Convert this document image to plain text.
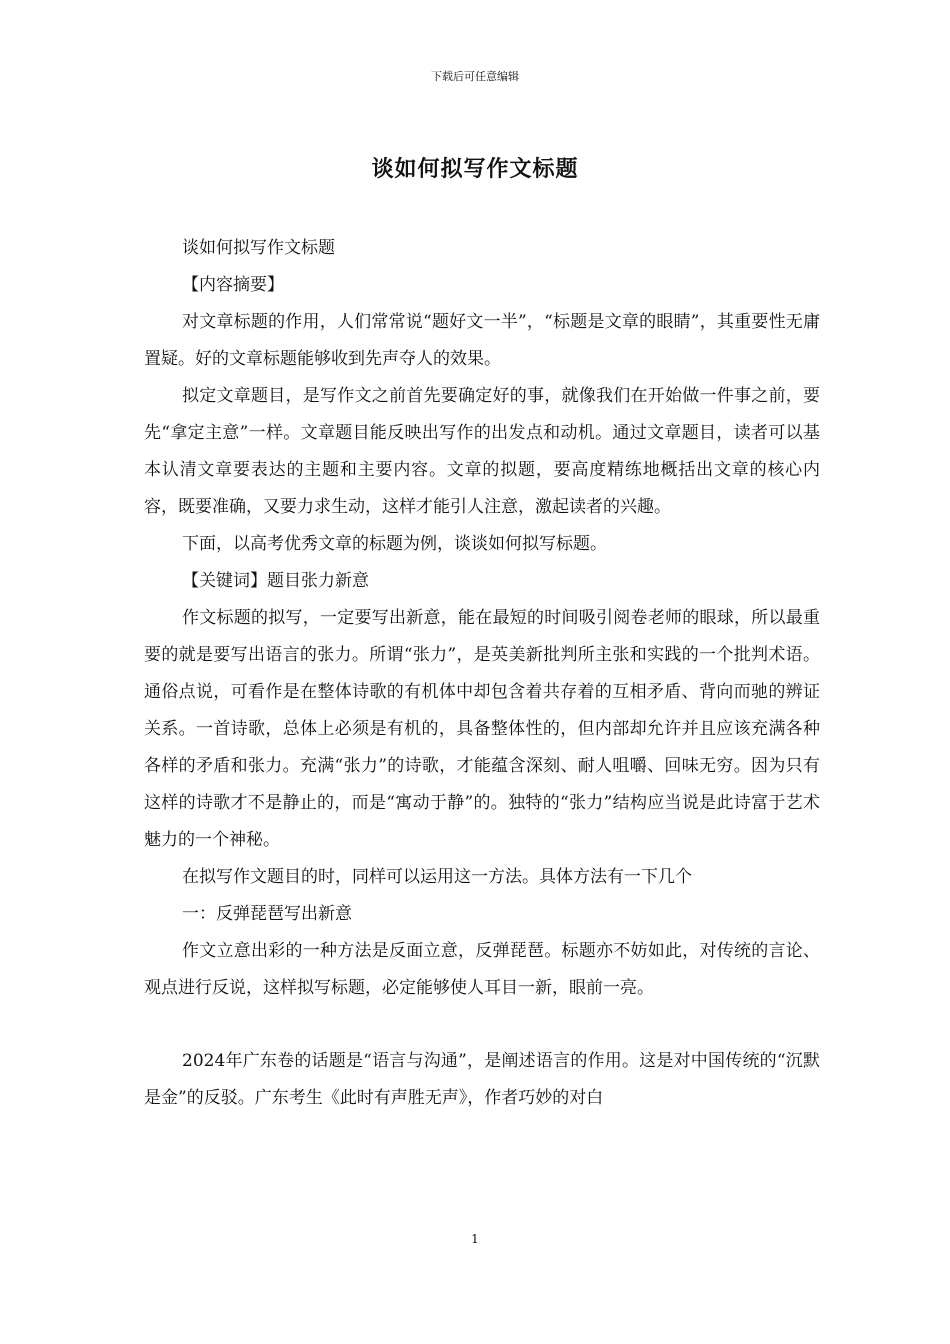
下载后可任意编辑
谈如何拟写作文标题

谈如何拟写作文标题

【内容摘要】

对文章标题的作用，人们常常说“题好文一半”，“标题是文章的眼睛”，其重要性无庸置疑。好的文章标题能够收到先声夺人的效果。

拟定文章题目，是写作文之前首先要确定好的事，就像我们在开始做一件事之前，要先“拿定主意”一样。文章题目能反映出写作的出发点和动机。通过文章题目，读者可以基本认清文章要表达的主题和主要内容。文章的拟题，要高度精练地概括出文章的核心内容，既要准确，又要力求生动，这样才能引人注意，激起读者的兴趣。

下面，以高考优秀文章的标题为例，谈谈如何拟写标题。

【关键词】题目张力新意

作文标题的拟写，一定要写出新意，能在最短的时间吸引阅卷老师的眼球，所以最重要的就是要写出语言的张力。所谓“张力”，是英美新批判所主张和实践的一个批判术语。通俗点说，可看作是在整体诗歌的有机体中却包含着共存着的互相矛盾、背向而驰的辨证关系。一首诗歌，总体上必须是有机的，具备整体性的，但内部却允许并且应该充满各种各样的矛盾和张力。充满“张力”的诗歌，才能蕴含深刻、耐人咀嚼、回味无穷。因为只有这样的诗歌才不是静止的，而是“寓动于静”的。独特的“张力”结构应当说是此诗富于艺术魅力的一个神秘。

在拟写作文题目的时，同样可以运用这一方法。具体方法有一下几个

一：反弹琵琶写出新意

作文立意出彩的一种方法是反面立意，反弹琵琶。标题亦不妨如此，对传统的言论、观点进行反说，这样拟写标题，必定能够使人耳目一新，眼前一亮。

2024年广东卷的话题是“语言与沟通”，是阐述语言的作用。这是对中国传统的“沉默是金”的反驳。广东考生《此时有声胜无声》，作者巧妙的对白

1
